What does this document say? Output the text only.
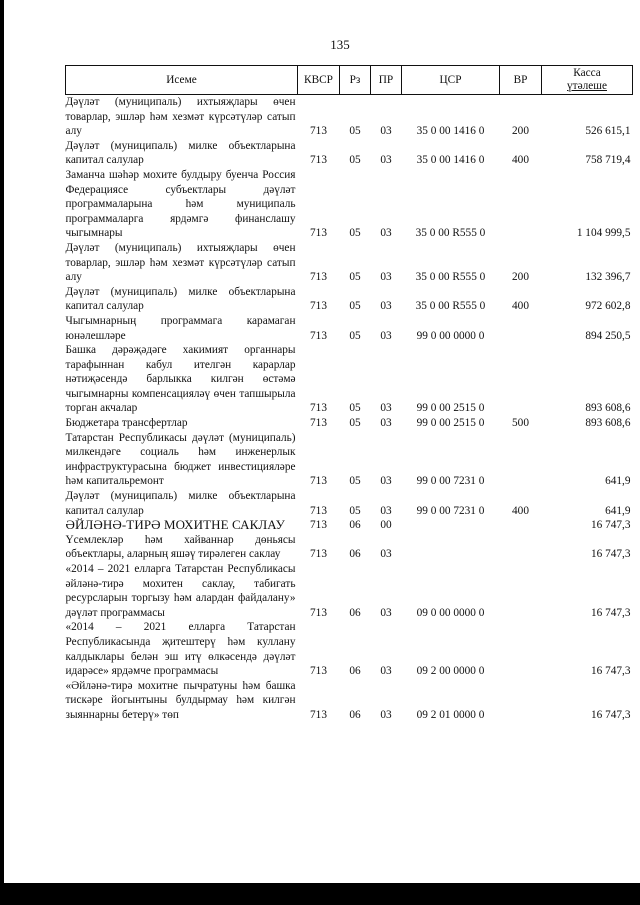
135
Исеме	КВСР	Рз	ПР	ЦСР	ВР	Касса
үтәлеше

Дәүләт (муниципаль) ихтыяҗлары өчен товарлар, эшләр һәм хезмәт күрсәтүләр сатып алу	713	05	03	35 0 00 1416 0	200	526 615,1
Дәүләт (муниципаль) милке объектларына капитал салулар	713	05	03	35 0 00 1416 0	400	758 719,4
Заманча шәһәр мохите булдыру буенча Россия Федерациясе субъектлары дәүләт программаларына һәм муниципаль программаларга ярдәмгә финанслашу чыгымнары	713	05	03	35 0 00 R555 0		1 104 999,5
Дәүләт (муниципаль) ихтыяҗлары өчен товарлар, эшләр һәм хезмәт күрсәтүләр сатып алу	713	05	03	35 0 00 R555 0	200	132 396,7
Дәүләт (муниципаль) милке объектларына капитал салулар	713	05	03	35 0 00 R555 0	400	972 602,8
Чыгымнарның программага карамаган юнәлешләре	713	05	03	99 0 00 0000 0		894 250,5
Башка дәрәҗәдәге хакимият органнары тарафыннан кабул ителгән карарлар нәтиҗәсендә барлыкка килгән өстәмә чыгымнарны компенсацияләү өчен тапшырыла торган акчалар	713	05	03	99 0 00 2515 0		893 608,6
Бюджетара трансфертлар	713	05	03	99 0 00 2515 0	500	893 608,6
Татарстан Республикасы дәүләт (муниципаль) милкендәге социаль һәм инженерлык инфраструктурасына бюджет инвестицияләре һәм капитальремонт	713	05	03	99 0 00 7231 0		641,9
Дәүләт (муниципаль) милке объектларына капитал салулар	713	05	03	99 0 00 7231 0	400	641,9
ӘЙЛӘНӘ-ТИРӘ МОХИТНЕ САКЛАУ	713	06	00			16 747,3
Үсемлекләр һәм хайваннар дөньясы объектлары, аларның яшәү тирәлеген саклау	713	06	03			16 747,3
«2014 – 2021 елларга Татарстан Республикасы әйләнә-тирә мохитен саклау, табигать ресурсларын торгызу һәм алардан файдалану» дәүләт программасы	713	06	03	09 0 00 0000 0		16 747,3
«2014 – 2021 елларга Татарстан Республикасында җитештерү һәм куллану калдыклары белән эш итү өлкәсендә дәүләт идарәсе» ярдәмче программасы	713	06	03	09 2 00 0000 0		16 747,3
«Әйләнә-тирә мохитне пычратуны һәм башка тискәре йогынтыны булдырмау һәм килгән зыяннарны бетерү» төп	713	06	03	09 2 01 0000 0		16 747,3
